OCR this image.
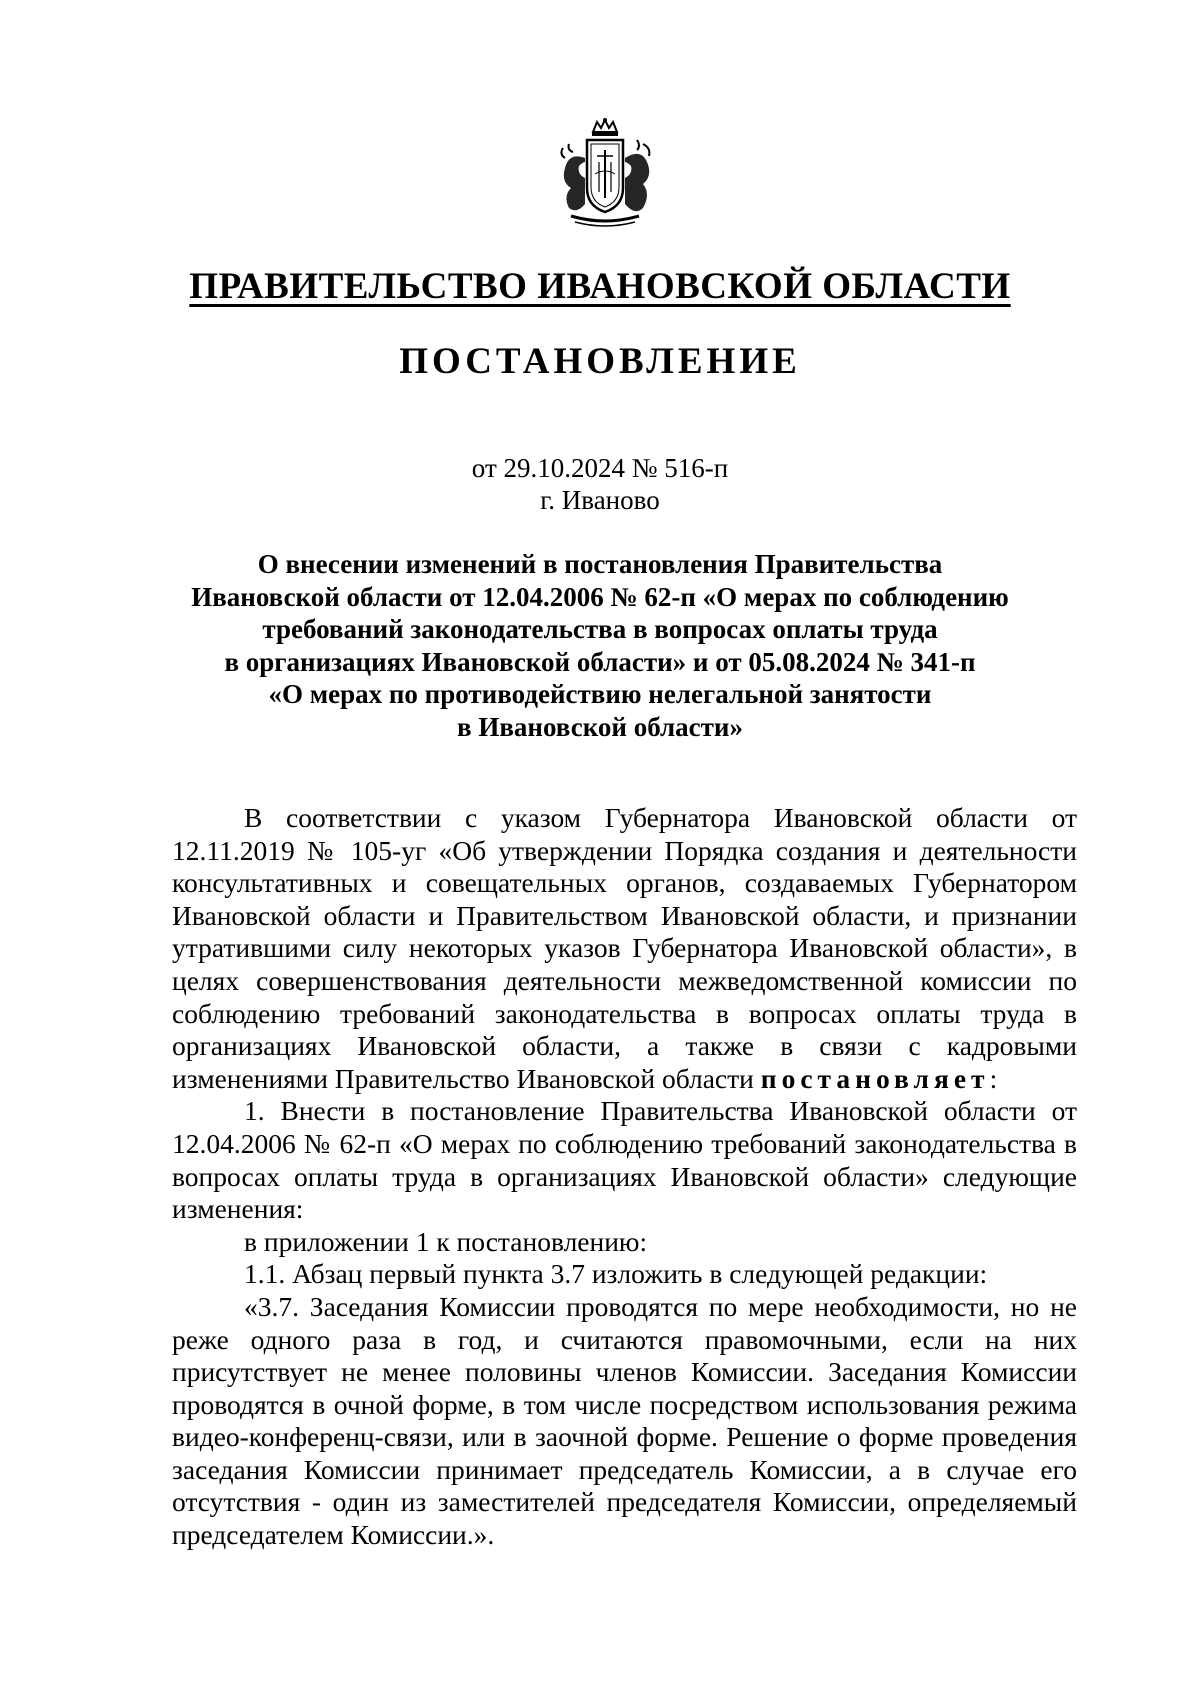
ПРАВИТЕЛЬСТВО ИВАНОВСКОЙ ОБЛАСТИ
ПОСТАНОВЛЕНИЕ
от 29.10.2024 № 516-п
г. Иваново
О внесении изменений в постановления Правительства
Ивановской области от 12.04.2006 № 62-п «О мерах по соблюдению
требований законодательства в вопросах оплаты труда
в организациях Ивановской области» и от 05.08.2024 № 341-п
«О мерах по противодействию нелегальной занятости
в Ивановской области»

В соответствии с указом Губернатора Ивановской области от 12.11.2019 № 105-уг «Об утверждении Порядка создания и деятельности консультативных и совещательных органов, создаваемых Губернатором Ивановской области и Правительством Ивановской области, и признании утратившими силу некоторых указов Губернатора Ивановской области», в целях совершенствования деятельности межведомственной комиссии по соблюдению требований законодательства в вопросах оплаты труда в организациях Ивановской области, а также в связи с кадровыми изменениями Правительство Ивановской области постановляет:

1. Внести в постановление Правительства Ивановской области от 12.04.2006 № 62-п «О мерах по соблюдению требований законодательства в вопросах оплаты труда в организациях Ивановской области» следующие изменения:

в приложении 1 к постановлению:

1.1. Абзац первый пункта 3.7 изложить в следующей редакции:

«3.7. Заседания Комиссии проводятся по мере необходимости, но не реже одного раза в год, и считаются правомочными, если на них присутствует не менее половины членов Комиссии. Заседания Комиссии проводятся в очной форме, в том числе посредством использования режима видео-конференц-связи, или в заочной форме. Решение о форме проведения заседания Комиссии принимает председатель Комиссии, а в случае его отсутствия - один из заместителей председателя Комиссии, определяемый председателем Комиссии.».
